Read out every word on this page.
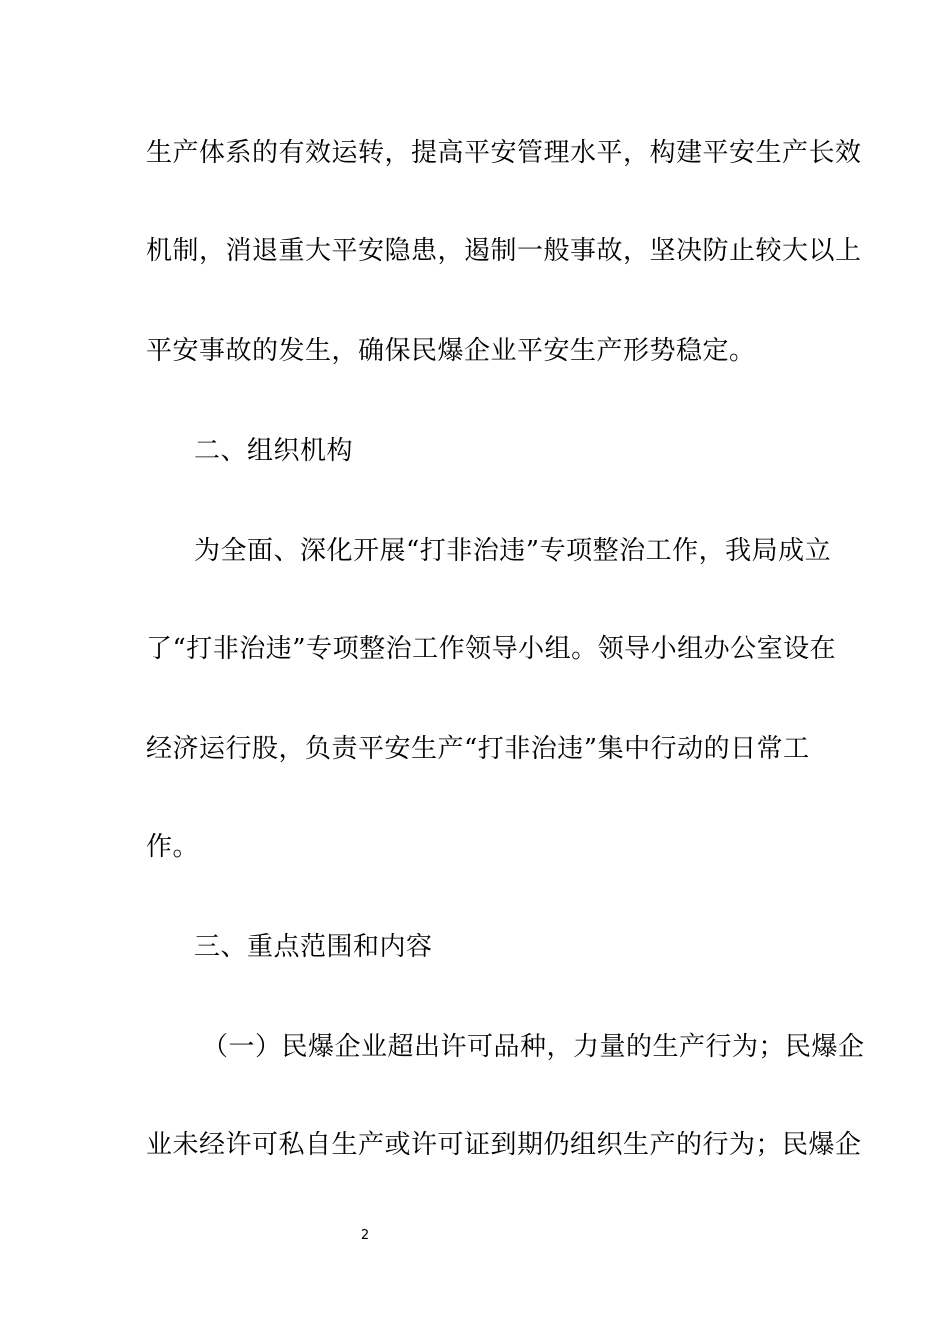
生产体系的有效运转，提高平安管理水平，构建平安生产长效

机制，消退重大平安隐患，遏制一般事故，坚决防止较大以上

平安事故的发生，确保民爆企业平安生产形势稳定。

二、组织机构

为全面、深化开展“打非治违”专项整治工作，我局成立

了“打非治违”专项整治工作领导小组。领导小组办公室设在

经济运行股，负责平安生产“打非治违”集中行动的日常工

作。

三、重点范围和内容

（一）民爆企业超出许可品种，力量的生产行为；民爆企

业未经许可私自生产或许可证到期仍组织生产的行为；民爆企

2
